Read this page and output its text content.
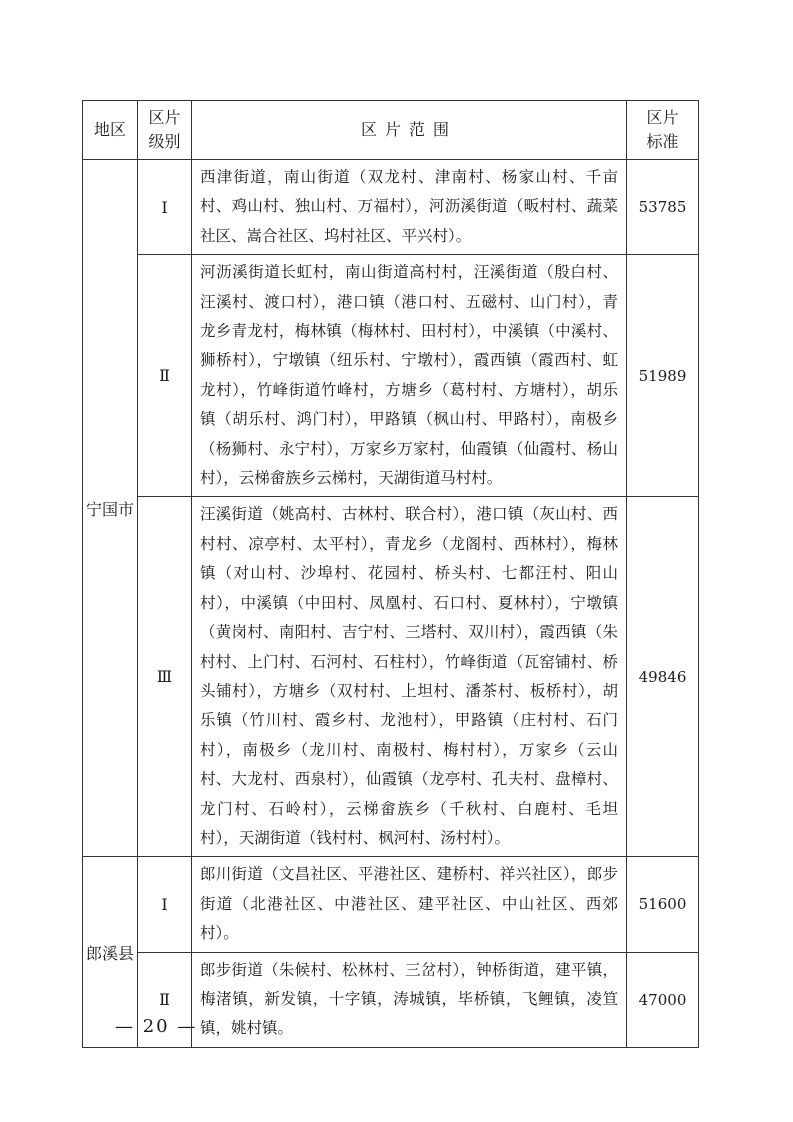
地区	区片级别	区片范围	区片标准

宁国市	Ⅰ	西津街道，南山街道（双龙村、津南村、杨家山村、千亩村、鸡山村、独山村、万福村），河沥溪街道（畈村村、蔬菜社区、嵩合社区、坞村社区、平兴村）。	53785
	Ⅱ	河沥溪街道长虹村，南山街道高村村，汪溪街道（殷白村、汪溪村、渡口村），港口镇（港口村、五磁村、山门村），青龙乡青龙村，梅林镇（梅林村、田村村），中溪镇（中溪村、狮桥村），宁墩镇（纽乐村、宁墩村），霞西镇（霞西村、虹龙村），竹峰街道竹峰村，方塘乡（葛村村、方塘村），胡乐镇（胡乐村、鸿门村），甲路镇（枫山村、甲路村），南极乡（杨狮村、永宁村），万家乡万家村，仙霞镇（仙霞村、杨山村），云梯畲族乡云梯村，天湖街道马村村。	51989
	Ⅲ	汪溪街道（姚高村、古林村、联合村），港口镇（灰山村、西村村、凉亭村、太平村），青龙乡（龙阁村、西林村），梅林镇（对山村、沙埠村、花园村、桥头村、七都汪村、阳山村），中溪镇（中田村、凤凰村、石口村、夏林村），宁墩镇（黄岗村、南阳村、吉宁村、三塔村、双川村），霞西镇（朱村村、上门村、石河村、石柱村），竹峰街道（瓦窑铺村、桥头铺村），方塘乡（双村村、上坦村、潘茶村、板桥村），胡乐镇（竹川村、霞乡村、龙池村），甲路镇（庄村村、石门村），南极乡（龙川村、南极村、梅村村），万家乡（云山村、大龙村、西泉村），仙霞镇（龙亭村、孔夫村、盘樟村、龙门村、石岭村），云梯畲族乡（千秋村、白鹿村、毛坦村），天湖街道（钱村村、枫河村、汤村村）。	49846
郎溪县	Ⅰ	郎川街道（文昌社区、平港社区、建桥村、祥兴社区），郎步街道（北港社区、中港社区、建平社区、中山社区、西郊村）。	51600
	Ⅱ	郎步街道（朱候村、松林村、三岔村），钟桥街道，建平镇，梅渚镇，新发镇，十字镇，涛城镇，毕桥镇，飞鲤镇，凌笪镇，姚村镇。	47000
— 20 —
